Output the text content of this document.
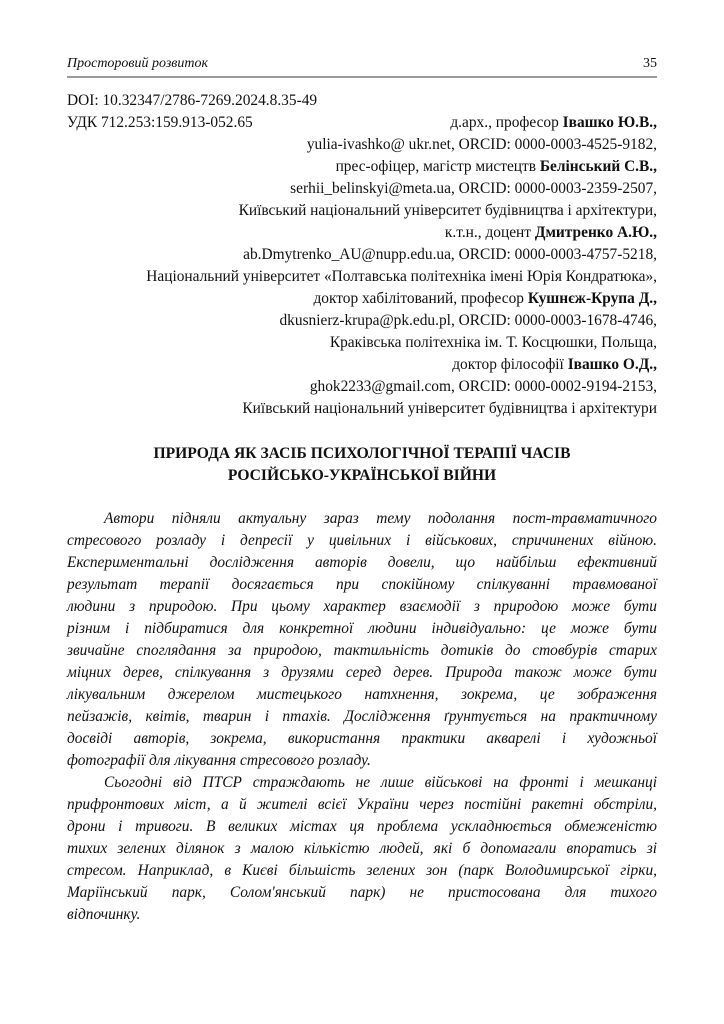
Просторовий розвиток	35
DOI: 10.32347/2786-7269.2024.8.35-49
УДК 712.253:159.913-052.65	д.арх., професор Івашко Ю.В.,
yulia-ivashko@ ukr.net, ORCID: 0000-0003-4525-9182,
прес-офіцер, магістр мистецтв Белінський С.В.,
serhii_belinskyi@meta.ua, ORCID: 0000-0003-2359-2507,
Київський національний університет будівництва і архітектури,
к.т.н., доцент Дмитренко А.Ю.,
ab.Dmytrenko_AU@nupp.edu.ua, ORCID: 0000-0003-4757-5218,
Національний університет «Полтавська політехніка імені Юрія Кондратюка»,
доктор хабілітований, професор Кушнєж-Крупа Д.,
dkusnierz-krupa@pk.edu.pl, ORCID: 0000-0003-1678-4746,
Краківська політехніка ім. Т. Косцюшки, Польща,
доктор філософії Івашко О.Д.,
ghok2233@gmail.com, ORCID: 0000-0002-9194-2153,
Київський національний університет будівництва і архітектури
ПРИРОДА ЯК ЗАСІБ ПСИХОЛОГІЧНОЇ ТЕРАПІЇ ЧАСІВ
РОСІЙСЬКО-УКРАЇНСЬКОЇ ВІЙНИ
Автори підняли актуальну зараз тему подолання пост-травматичного
стресового розладу і депресії у цивільних і військових, спричинених війною.
Експериментальні дослідження авторів довели, що найбільш ефективний
результат терапії досягається при спокійному спілкуванні травмованої
людини з природою. При цьому характер взаємодії з природою може бути
різним і підбиратися для конкретної людини індивідуально: це може бути
звичайне споглядання за природою, тактильність дотиків до стовбурів старих
міцних дерев, спілкування з друзями серед дерев. Природа також може бути
лікувальним джерелом мистецького натхнення, зокрема, це зображення
пейзажів, квітів, тварин і птахів. Дослідження ґрунтується на практичному
досвіді авторів, зокрема, використання практики акварелі і художньої
фотографії для лікування стресового розладу.
Сьогодні від ПТСР страждають не лише військові на фронті і мешканці
прифронтових міст, а й жителі всієї України через постійні ракетні обстріли,
дрони і тривоги. В великих містах ця проблема ускладнюється обмеженістю
тихих зелених ділянок з малою кількістю людей, які б допомагали впоратись зі
стресом. Наприклад, в Києві більшість зелених зон (парк Володимирської гірки,
Маріїнський парк, Солом'янський парк) не пристосована для тихого
відпочинку.
